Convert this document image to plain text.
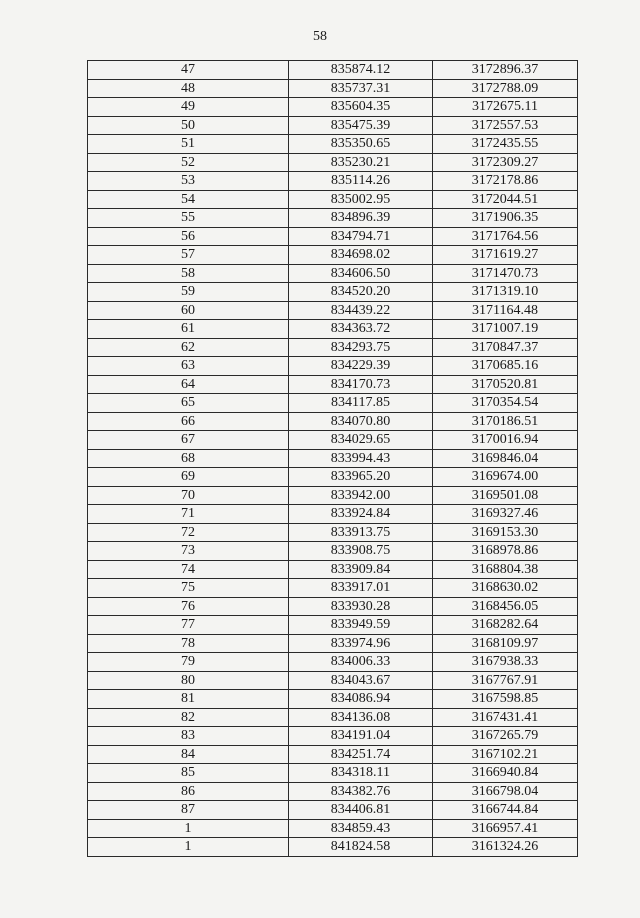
58
47	835874.12	3172896.37
48	835737.31	3172788.09
49	835604.35	3172675.11
50	835475.39	3172557.53
51	835350.65	3172435.55
52	835230.21	3172309.27
53	835114.26	3172178.86
54	835002.95	3172044.51
55	834896.39	3171906.35
56	834794.71	3171764.56
57	834698.02	3171619.27
58	834606.50	3171470.73
59	834520.20	3171319.10
60	834439.22	3171164.48
61	834363.72	3171007.19
62	834293.75	3170847.37
63	834229.39	3170685.16
64	834170.73	3170520.81
65	834117.85	3170354.54
66	834070.80	3170186.51
67	834029.65	3170016.94
68	833994.43	3169846.04
69	833965.20	3169674.00
70	833942.00	3169501.08
71	833924.84	3169327.46
72	833913.75	3169153.30
73	833908.75	3168978.86
74	833909.84	3168804.38
75	833917.01	3168630.02
76	833930.28	3168456.05
77	833949.59	3168282.64
78	833974.96	3168109.97
79	834006.33	3167938.33
80	834043.67	3167767.91
81	834086.94	3167598.85
82	834136.08	3167431.41
83	834191.04	3167265.79
84	834251.74	3167102.21
85	834318.11	3166940.84
86	834382.76	3166798.04
87	834406.81	3166744.84
1	834859.43	3166957.41
1	841824.58	3161324.26
